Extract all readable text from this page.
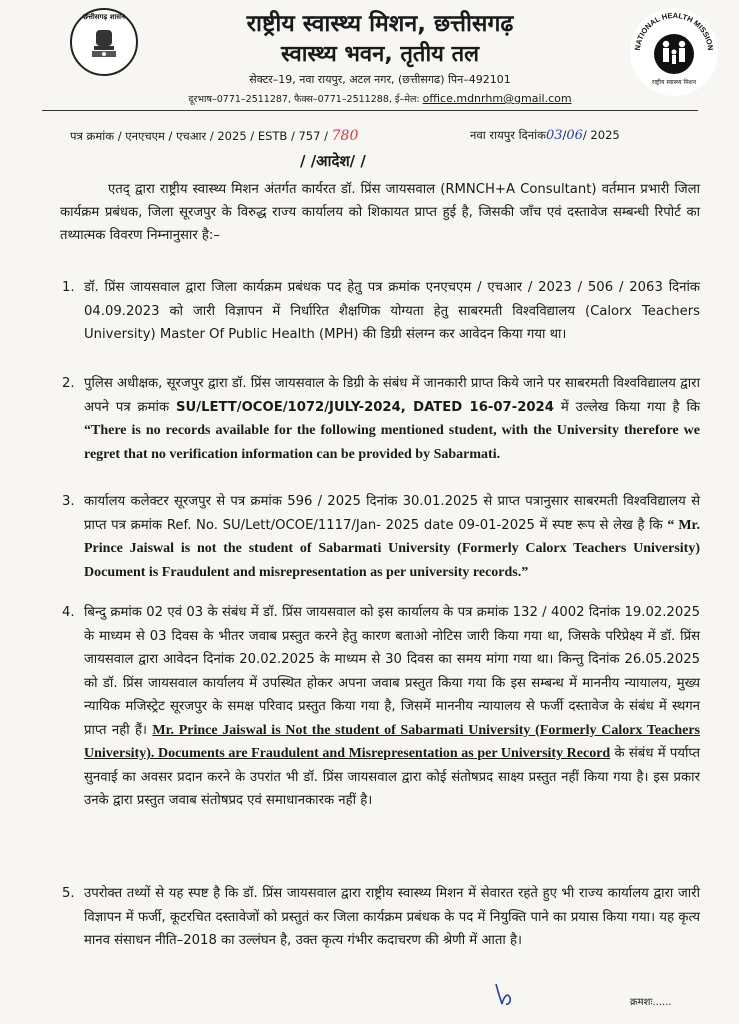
छत्तीसगढ़ शासन	राष्ट्रीय स्वास्थ्य मिशन, छत्तीसगढ़
स्वास्थ्य भवन, तृतीय तल
सेक्टर–19, नवा रायपुर, अटल नगर, (छत्तीसगढ) पिन–492101
दूरभाष–0771–2511287, फैक्स–0771–2511288, ई–मेल: office.mdnrhm@gmail.com
NATIONAL HEALTH MISSION
राष्ट्रीय स्वास्थ्य मिशन
पत्र क्रमांक / एनएचएम / एचआर / 2025 / ESTB / 757 / 780	नवा रायपुर दिनांक03/06/ 2025
/ /आदेश/ /
एतद् द्वारा राष्ट्रीय स्वास्थ्य मिशन अंतर्गत कार्यरत डॉ. प्रिंस जायसवाल (RMNCH+A Consultant) वर्तमान प्रभारी जिला कार्यक्रम प्रबंधक, जिला सूरजपुर के विरुद्ध राज्य कार्यालय को शिकायत प्राप्त हुई है, जिसकी जाँच एवं दस्तावेज सम्बन्धी रिपोर्ट का तथ्यात्मक विवरण निम्नानुसार है:–
1. डॉ. प्रिंस जायसवाल द्वारा जिला कार्यक्रम प्रबंधक पद हेतु पत्र क्रमांक एनएचएम / एचआर / 2023 / 506 / 2063 दिनांक 04.09.2023 को जारी विज्ञापन में निर्धारित शैक्षणिक योग्यता हेतु साबरमती विश्वविद्यालय (Calorx Teachers University) Master Of Public Health (MPH) की डिग्री संलग्न कर आवेदन किया गया था।
2. पुलिस अधीक्षक, सूरजपुर द्वारा डॉ. प्रिंस जायसवाल के डिग्री के संबंध में जानकारी प्राप्त किये जाने पर साबरमती विश्वविद्यालय द्वारा अपने पत्र क्रमांक SU/LETT/OCOE/1072/JULY-2024, DATED 16-07-2024 में उल्लेख किया गया है कि “There is no records available for the following mentioned student, with the University therefore we regret that no verification information can be provided by Sabarmati.
3. कार्यालय कलेक्टर सूरजपुर से पत्र क्रमांक 596 / 2025 दिनांक 30.01.2025 से प्राप्त पत्रानुसार साबरमती विश्वविद्यालय से प्राप्त पत्र क्रमांक Ref. No. SU/Lett/OCOE/1117/Jan- 2025 date 09-01-2025 में स्पष्ट रूप से लेख है कि “ Mr. Prince Jaiswal is not the student of Sabarmati University (Formerly Calorx Teachers University) Document is Fraudulent and misrepresentation as per university records.”
4. बिन्दु क्रमांक 02 एवं 03 के संबंध में डॉ. प्रिंस जायसवाल को इस कार्यालय के पत्र क्रमांक 132 / 4002 दिनांक 19.02.2025 के माध्यम से 03 दिवस के भीतर जवाब प्रस्तुत करने हेतु कारण बताओ नोटिस जारी किया गया था, जिसके परिप्रेक्ष्य में डॉ. प्रिंस जायसवाल द्वारा आवेदन दिनांक 20.02.2025 के माध्यम से 30 दिवस का समय मांगा गया था। किन्तु दिनांक 26.05.2025 को डॉ. प्रिंस जायसवाल कार्यालय में उपस्थित होकर अपना जवाब प्रस्तुत किया गया कि इस सम्बन्ध में माननीय न्यायालय, मुख्य न्यायिक मजिस्ट्रेट सूरजपुर के समक्ष परिवाद प्रस्तुत किया गया है, जिसमें माननीय न्यायालय से फर्जी दस्तावेज के संबंध में स्थगन प्राप्त नही हैं। Mr. Prince Jaiswal is Not the student of Sabarmati University (Formerly Calorx Teachers University). Documents are Fraudulent and Misrepresentation as per University Record के संबंध में पर्याप्त सुनवाई का अवसर प्रदान करने के उपरांत भी डॉ. प्रिंस जायसवाल द्वारा कोई संतोषप्रद साक्ष्य प्रस्तुत नहीं किया गया है। इस प्रकार उनके द्वारा प्रस्तुत जवाब संतोषप्रद एवं समाधानकारक नहीं है।
5. उपरोक्त तथ्यों से यह स्पष्ट है कि डॉ. प्रिंस जायसवाल द्वारा राष्ट्रीय स्वास्थ्य मिशन में सेवारत रहते हुए भी राज्य कार्यालय द्वारा जारी विज्ञापन में फर्जी, कूटरचित दस्तावेजों को प्रस्तुतं कर जिला कार्यक्रम प्रबंधक के पद में नियुक्ति पाने का प्रयास किया गया। यह कृत्य मानव संसाधन नीति–2018 का उल्लंघन है, उक्त कृत्य गंभीर कदाचरण की श्रेणी में आता है।
क्रमशः......
